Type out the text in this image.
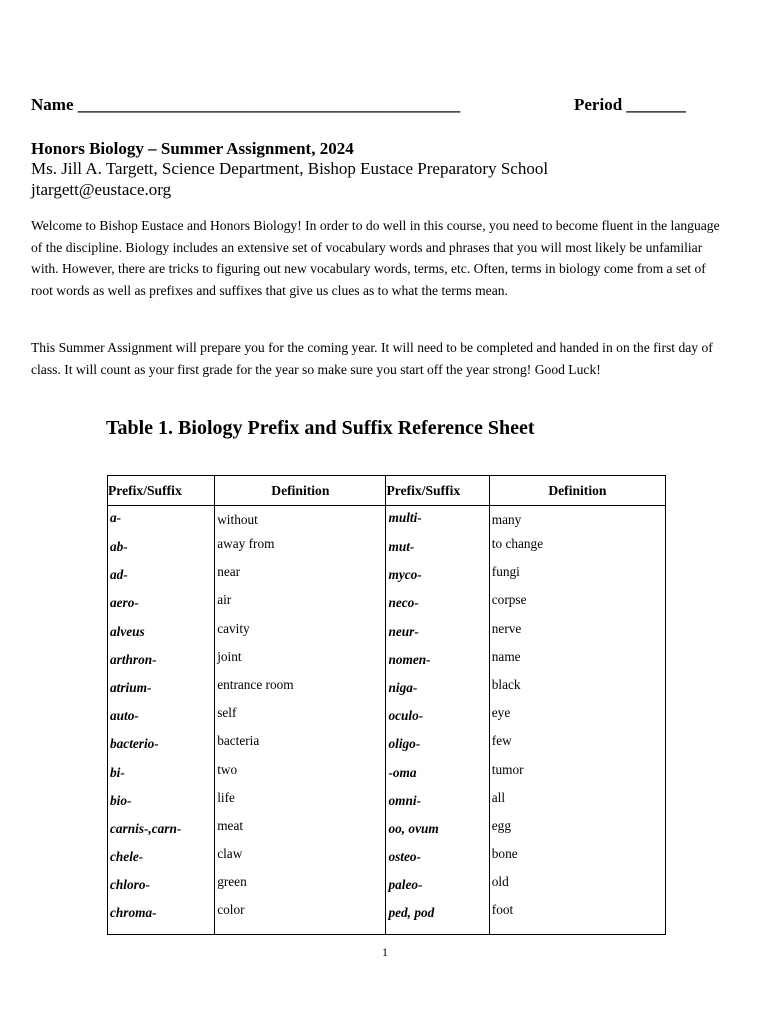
Name _____________________________________________	Period _______
Honors Biology – Summer Assignment, 2024
Ms. Jill A. Targett, Science Department, Bishop Eustace Preparatory School
jtargett@eustace.org
Welcome to Bishop Eustace and Honors Biology! In order to do well in this course, you need to become fluent in the language of the discipline. Biology includes an extensive set of vocabulary words and phrases that you will most likely be unfamiliar with. However, there are tricks to figuring out new vocabulary words, terms, etc. Often, terms in biology come from a set of root words as well as prefixes and suffixes that give us clues as to what the terms mean.
This Summer Assignment will prepare you for the coming year. It will need to be completed and handed in on the first day of class. It will count as your first grade for the year so make sure you start off the year strong! Good Luck!
Table 1. Biology Prefix and Suffix Reference Sheet
Prefix/Suffix	Definition	Prefix/Suffix	Definition
a-	without	multi-	many
ab-	away from	mut-	to change
ad-	near	myco-	fungi
aero-	air	neco-	corpse
alveus	cavity	neur-	nerve
arthron-	joint	nomen-	name
atrium-	entrance room	niga-	black
auto-	self	oculo-	eye
bacterio-	bacteria	oligo-	few
bi-	two	-oma	tumor
bio-	life	omni-	all
carnis-,carn-	meat	oo, ovum	egg
chele-	claw	osteo-	bone
chloro-	green	paleo-	old
chroma-	color	ped, pod	foot
1
